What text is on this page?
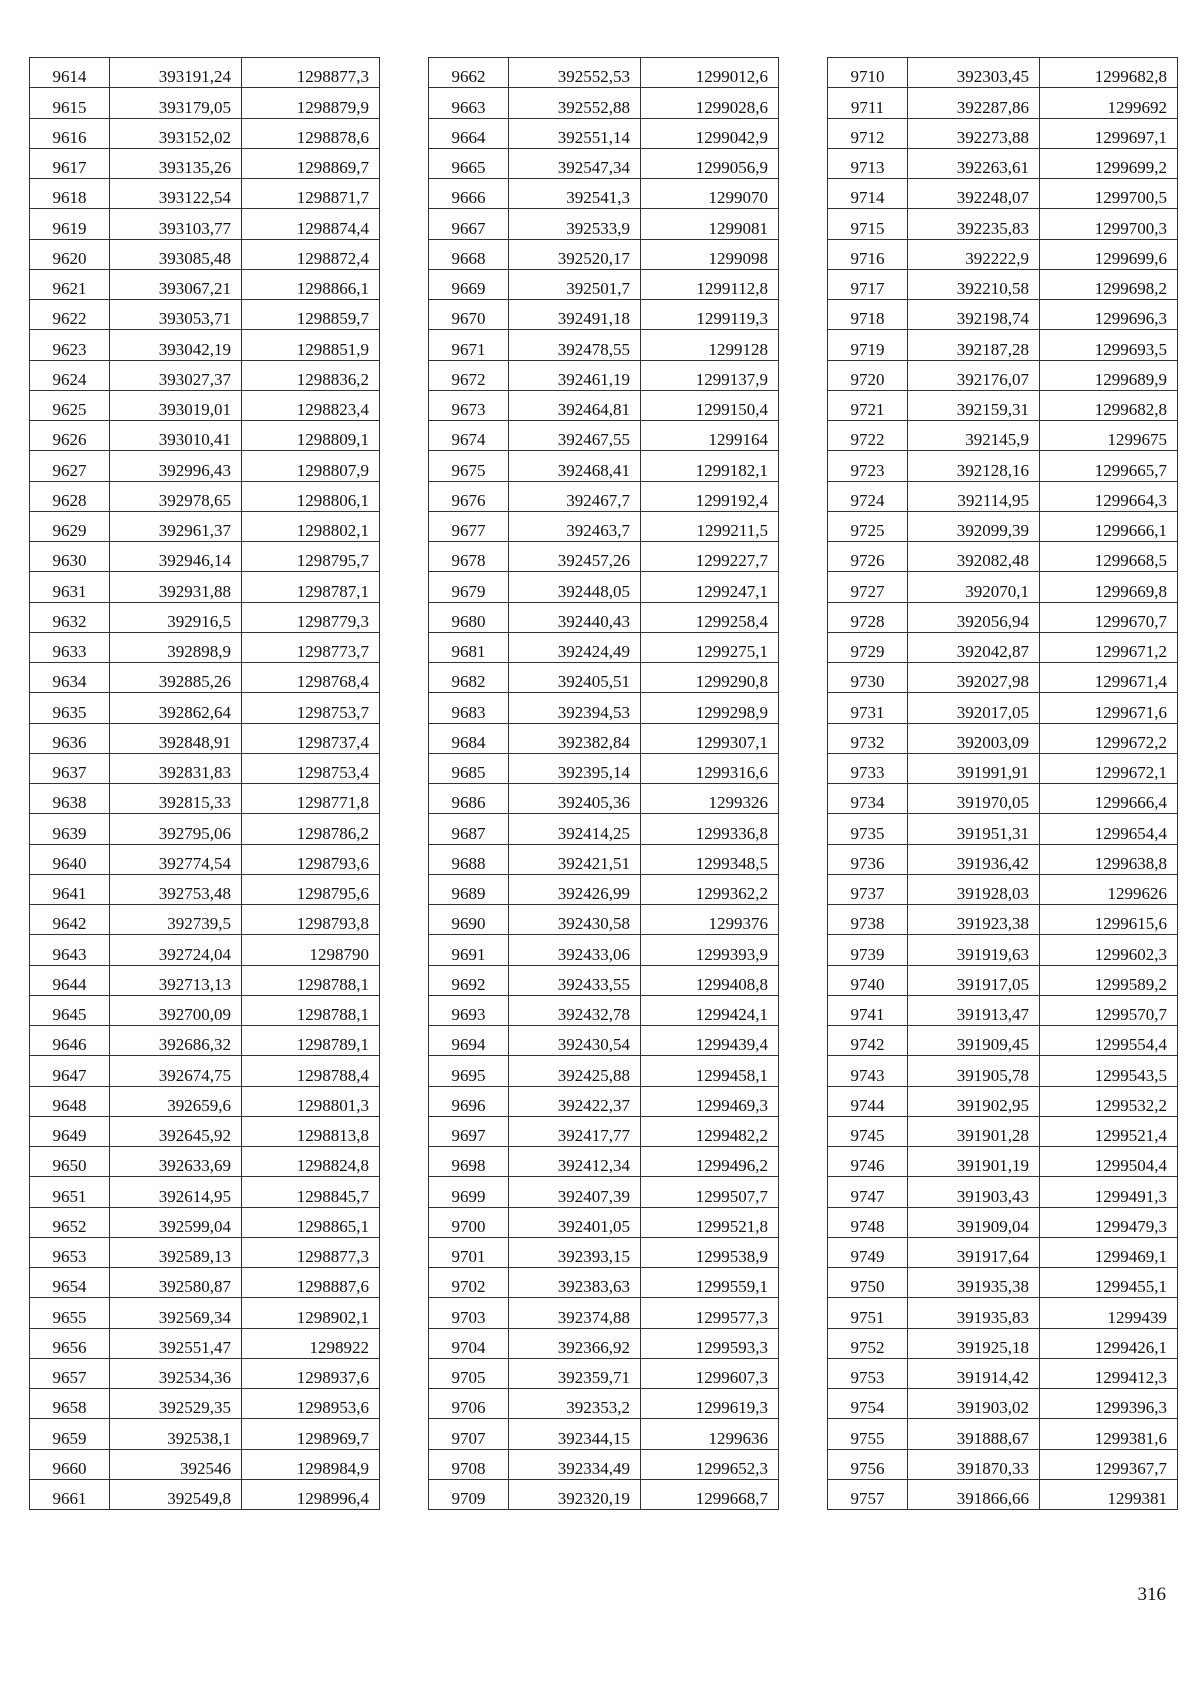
9614	393191,24	1298877,3
9615	393179,05	1298879,9
9616	393152,02	1298878,6
9617	393135,26	1298869,7
9618	393122,54	1298871,7
9619	393103,77	1298874,4
9620	393085,48	1298872,4
9621	393067,21	1298866,1
9622	393053,71	1298859,7
9623	393042,19	1298851,9
9624	393027,37	1298836,2
9625	393019,01	1298823,4
9626	393010,41	1298809,1
9627	392996,43	1298807,9
9628	392978,65	1298806,1
9629	392961,37	1298802,1
9630	392946,14	1298795,7
9631	392931,88	1298787,1
9632	392916,5	1298779,3
9633	392898,9	1298773,7
9634	392885,26	1298768,4
9635	392862,64	1298753,7
9636	392848,91	1298737,4
9637	392831,83	1298753,4
9638	392815,33	1298771,8
9639	392795,06	1298786,2
9640	392774,54	1298793,6
9641	392753,48	1298795,6
9642	392739,5	1298793,8
9643	392724,04	1298790
9644	392713,13	1298788,1
9645	392700,09	1298788,1
9646	392686,32	1298789,1
9647	392674,75	1298788,4
9648	392659,6	1298801,3
9649	392645,92	1298813,8
9650	392633,69	1298824,8
9651	392614,95	1298845,7
9652	392599,04	1298865,1
9653	392589,13	1298877,3
9654	392580,87	1298887,6
9655	392569,34	1298902,1
9656	392551,47	1298922
9657	392534,36	1298937,6
9658	392529,35	1298953,6
9659	392538,1	1298969,7
9660	392546	1298984,9
9661	392549,8	1298996,4
9662	392552,53	1299012,6
9663	392552,88	1299028,6
9664	392551,14	1299042,9
9665	392547,34	1299056,9
9666	392541,3	1299070
9667	392533,9	1299081
9668	392520,17	1299098
9669	392501,7	1299112,8
9670	392491,18	1299119,3
9671	392478,55	1299128
9672	392461,19	1299137,9
9673	392464,81	1299150,4
9674	392467,55	1299164
9675	392468,41	1299182,1
9676	392467,7	1299192,4
9677	392463,7	1299211,5
9678	392457,26	1299227,7
9679	392448,05	1299247,1
9680	392440,43	1299258,4
9681	392424,49	1299275,1
9682	392405,51	1299290,8
9683	392394,53	1299298,9
9684	392382,84	1299307,1
9685	392395,14	1299316,6
9686	392405,36	1299326
9687	392414,25	1299336,8
9688	392421,51	1299348,5
9689	392426,99	1299362,2
9690	392430,58	1299376
9691	392433,06	1299393,9
9692	392433,55	1299408,8
9693	392432,78	1299424,1
9694	392430,54	1299439,4
9695	392425,88	1299458,1
9696	392422,37	1299469,3
9697	392417,77	1299482,2
9698	392412,34	1299496,2
9699	392407,39	1299507,7
9700	392401,05	1299521,8
9701	392393,15	1299538,9
9702	392383,63	1299559,1
9703	392374,88	1299577,3
9704	392366,92	1299593,3
9705	392359,71	1299607,3
9706	392353,2	1299619,3
9707	392344,15	1299636
9708	392334,49	1299652,3
9709	392320,19	1299668,7
9710	392303,45	1299682,8
9711	392287,86	1299692
9712	392273,88	1299697,1
9713	392263,61	1299699,2
9714	392248,07	1299700,5
9715	392235,83	1299700,3
9716	392222,9	1299699,6
9717	392210,58	1299698,2
9718	392198,74	1299696,3
9719	392187,28	1299693,5
9720	392176,07	1299689,9
9721	392159,31	1299682,8
9722	392145,9	1299675
9723	392128,16	1299665,7
9724	392114,95	1299664,3
9725	392099,39	1299666,1
9726	392082,48	1299668,5
9727	392070,1	1299669,8
9728	392056,94	1299670,7
9729	392042,87	1299671,2
9730	392027,98	1299671,4
9731	392017,05	1299671,6
9732	392003,09	1299672,2
9733	391991,91	1299672,1
9734	391970,05	1299666,4
9735	391951,31	1299654,4
9736	391936,42	1299638,8
9737	391928,03	1299626
9738	391923,38	1299615,6
9739	391919,63	1299602,3
9740	391917,05	1299589,2
9741	391913,47	1299570,7
9742	391909,45	1299554,4
9743	391905,78	1299543,5
9744	391902,95	1299532,2
9745	391901,28	1299521,4
9746	391901,19	1299504,4
9747	391903,43	1299491,3
9748	391909,04	1299479,3
9749	391917,64	1299469,1
9750	391935,38	1299455,1
9751	391935,83	1299439
9752	391925,18	1299426,1
9753	391914,42	1299412,3
9754	391903,02	1299396,3
9755	391888,67	1299381,6
9756	391870,33	1299367,7
9757	391866,66	1299381
316
